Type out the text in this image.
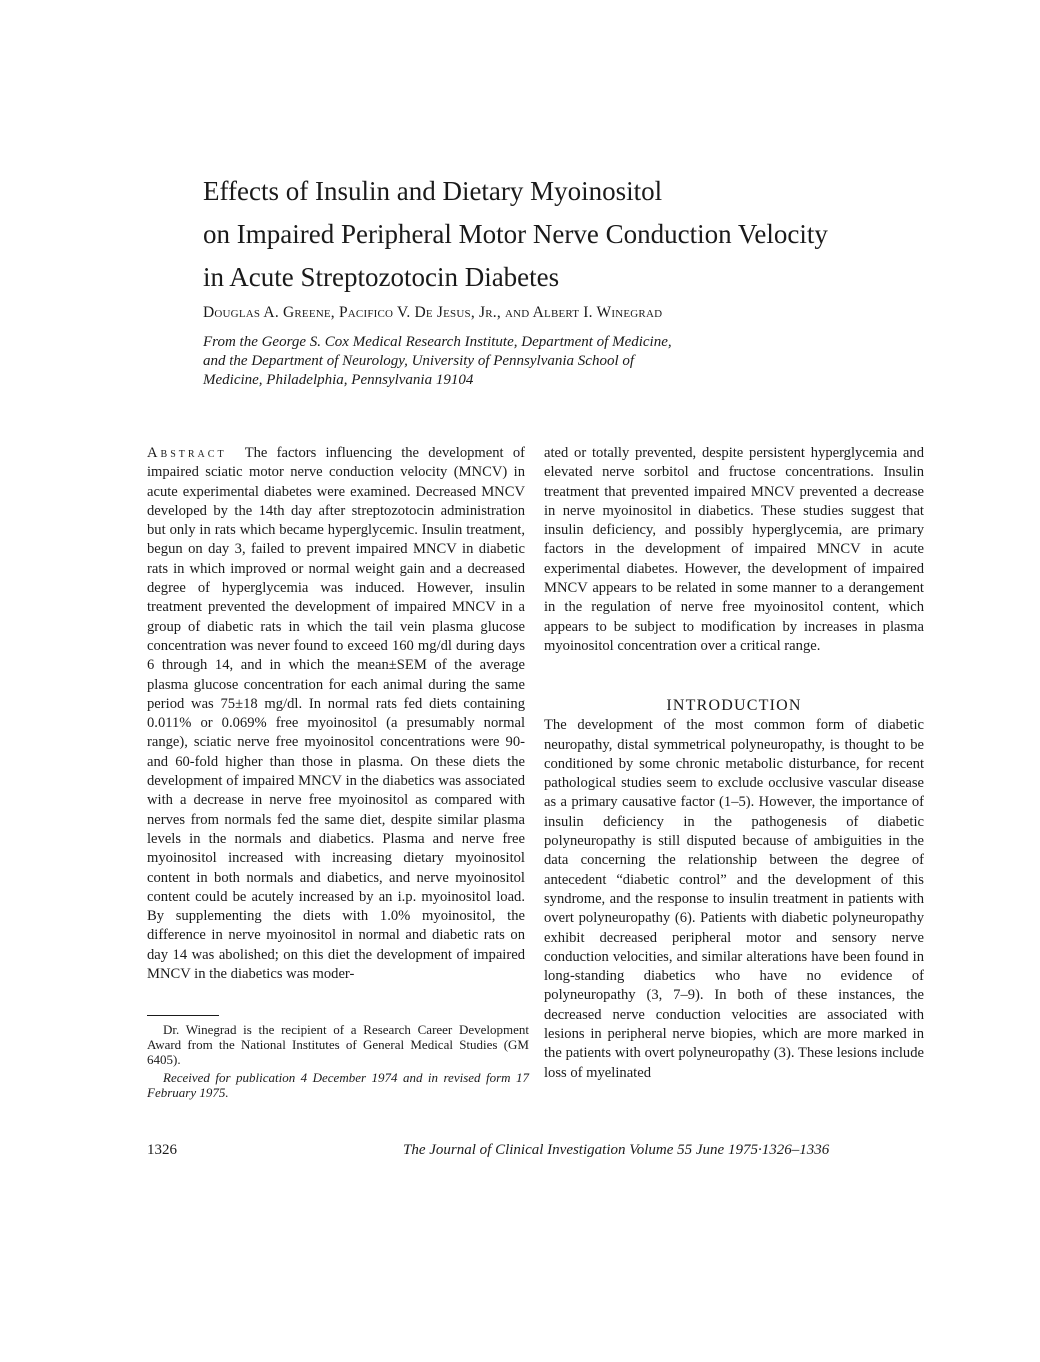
Effects of Insulin and Dietary Myoinositol
on Impaired Peripheral Motor Nerve Conduction Velocity
in Acute Streptozotocin Diabetes
Douglas A. Greene, Pacifico V. De Jesus, Jr., and Albert I. Winegrad
From the George S. Cox Medical Research Institute, Department of Medicine,
and the Department of Neurology, University of Pennsylvania School of
Medicine, Philadelphia, Pennsylvania 19104

Abstract The factors influencing the development of impaired sciatic motor nerve conduction velocity (MNCV) in acute experimental diabetes were examined. Decreased MNCV developed by the 14th day after streptozotocin administration but only in rats which became hyperglycemic. Insulin treatment, begun on day 3, failed to prevent impaired MNCV in diabetic rats in which improved or normal weight gain and a decreased degree of hyperglycemia was induced. However, insulin treatment prevented the development of impaired MNCV in a group of diabetic rats in which the tail vein plasma glucose concentration was never found to exceed 160 mg/dl during days 6 through 14, and in which the mean±SEM of the average plasma glucose concentration for each animal during the same period was 75±18 mg/dl. In normal rats fed diets containing 0.011% or 0.069% free myoinositol (a presumably normal range), sciatic nerve free myoinositol concentrations were 90- and 60-fold higher than those in plasma. On these diets the development of impaired MNCV in the diabetics was associated with a decrease in nerve free myoinositol as compared with nerves from normals fed the same diet, despite similar plasma levels in the normals and diabetics. Plasma and nerve free myoinositol increased with increasing dietary myoinositol content in both normals and diabetics, and nerve myoinositol content could be acutely increased by an i.p. myoinositol load. By supplementing the diets with 1.0% myoinositol, the difference in nerve myoinositol in normal and diabetic rats on day 14 was abolished; on this diet the development of impaired MNCV in the diabetics was moder-

ated or totally prevented, despite persistent hyperglycemia and elevated nerve sorbitol and fructose concentrations. Insulin treatment that prevented impaired MNCV prevented a decrease in nerve myoinositol in diabetics. These studies suggest that insulin deficiency, and possibly hyperglycemia, are primary factors in the development of impaired MNCV in acute experimental diabetes. However, the development of impaired MNCV appears to be related in some manner to a derangement in the regulation of nerve free myoinositol content, which appears to be subject to modification by increases in plasma myoinositol concentration over a critical range.

INTRODUCTION

The development of the most common form of diabetic neuropathy, distal symmetrical polyneuropathy, is thought to be conditioned by some chronic metabolic disturbance, for recent pathological studies seem to exclude occlusive vascular disease as a primary causative factor (1–5). However, the importance of insulin deficiency in the pathogenesis of diabetic polyneuropathy is still disputed because of ambiguities in the data concerning the relationship between the degree of antecedent “diabetic control” and the development of this syndrome, and the response to insulin treatment in patients with overt polyneuropathy (6). Patients with diabetic polyneuropathy exhibit decreased peripheral motor and sensory nerve conduction velocities, and similar alterations have been found in long-standing diabetics who have no evidence of polyneuropathy (3, 7–9). In both of these instances, the decreased nerve conduction velocities are associated with lesions in peripheral nerve biopies, which are more marked in the patients with overt polyneuropathy (3). These lesions include loss of myelinated

Dr. Winegrad is the recipient of a Research Career Development Award from the National Institutes of General Medical Studies (GM 6405).

Received for publication 4 December 1974 and in revised form 17 February 1975.

1326	The Journal of Clinical Investigation Volume 55 June 1975·1326–1336
